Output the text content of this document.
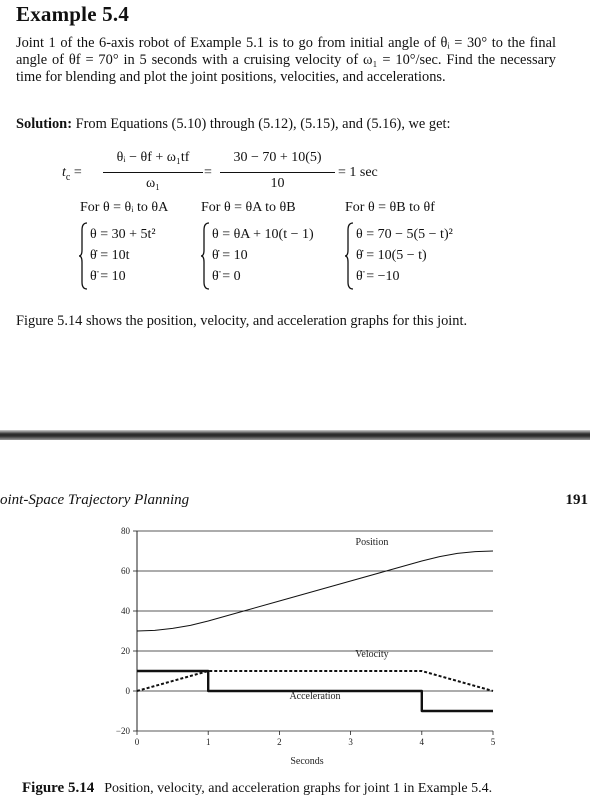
Example 5.4
Joint 1 of the 6-axis robot of Example 5.1 is to go from initial angle of θᵢ = 30° to the final angle of θf = 70° in 5 seconds with a cruising velocity of ω₁ = 10°/sec. Find the necessary time for blending and plot the joint positions, velocities, and accelerations.
Solution: From Equations (5.10) through (5.12), (5.15), and (5.16), we get:
$t_c$ =
θᵢ − θf + ω₁tf
ω₁
=
30 − 70 + 10(5)
10
= 1 sec
For θ = θᵢ to θA For θ = θA to θB	For θ = θB to θf
θ = 30 + 5t²
θ̇ = 10t
θ̈ = 10
θ = θA + 10(t − 1)
θ̇ = 10
θ̈ = 0
θ = 70 − 5(5 − t)²
θ̇ = 10(5 − t)
θ̈ = −10
Figure 5.14 shows the position, velocity, and acceleration graphs for this joint.
oint-Space Trajectory Planning	191
80
60
40
20
0
−20
0	1	2	3	4	5
Seconds
Position
Velocity
Acceleration
Figure 5.14 Position, velocity, and acceleration graphs for joint 1 in Example 5.4.
